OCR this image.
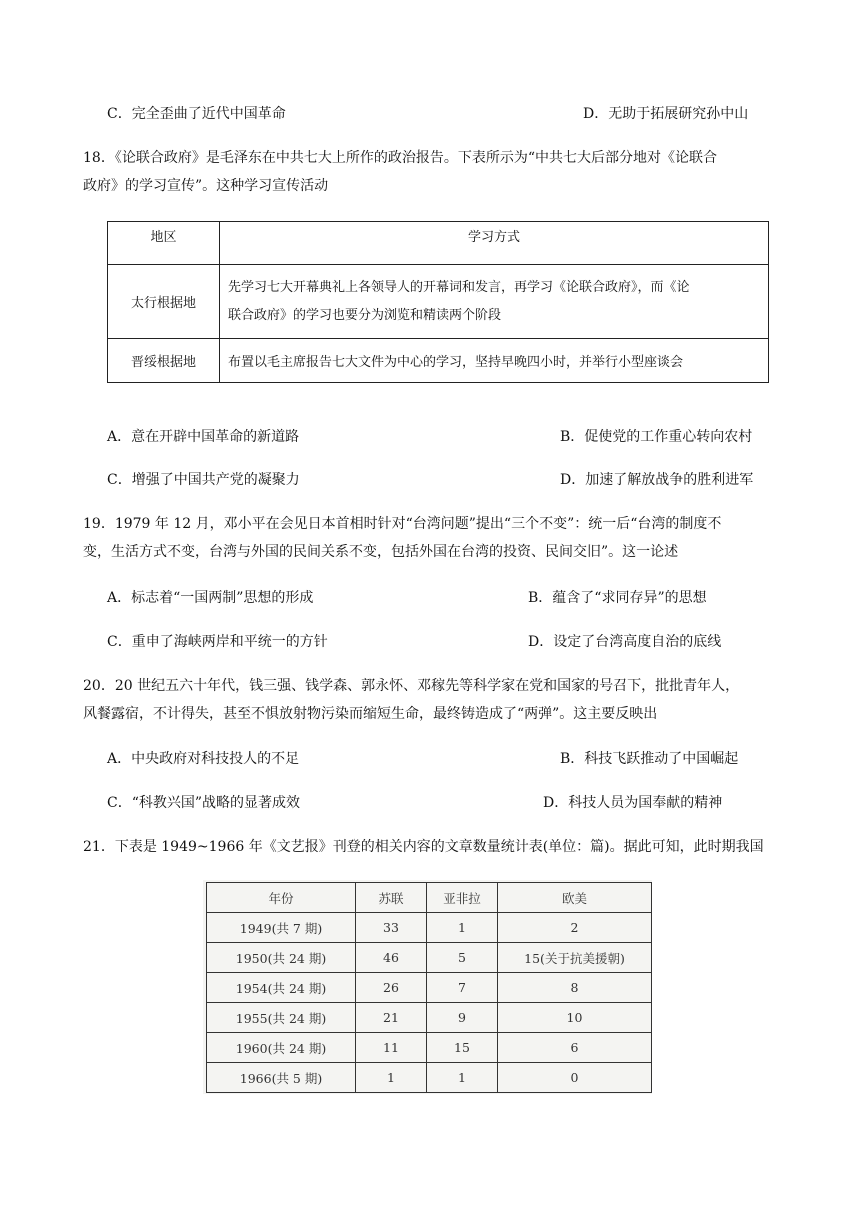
C．完全歪曲了近代中国革命	D．无助于拓展研究孙中山
18．《论联合政府》是毛泽东在中共七大上所作的政治报告。下表所示为“中共七大后部分地对《论联合
政府》的学习宣传”。这种学习宣传活动
地区	学习方式
太行根据地	先学习七大开幕典礼上各领导人的开幕词和发言，再学习《论联合政府》，而《论
联合政府》的学习也要分为浏览和精读两个阶段

晋绥根据地	布置以毛主席报告七大文件为中心的学习，坚持早晚四小时，并举行小型座谈会
A．意在开辟中国革命的新道路	B．促使党的工作重心转向农村
C．增强了中国共产党的凝聚力	D．加速了解放战争的胜利进军
19．1979 年 12 月，邓小平在会见日本首相时针对“台湾问题”提出“三个不变”：统一后“台湾的制度不
变，生活方式不变，台湾与外国的民间关系不变，包括外国在台湾的投资、民间交旧”。这一论述
A．标志着“一国两制”思想的形成	B．蕴含了“求同存异”的思想
C．重申了海峡两岸和平统一的方针	D．设定了台湾高度自治的底线
20．20 世纪五六十年代，钱三强、钱学森、郭永怀、邓稼先等科学家在党和国家的号召下，批批青年人，
风餐露宿，不计得失，甚至不惧放射物污染而缩短生命，最终铸造成了“两弹”。这主要反映出
A．中央政府对科技投人的不足	B．科技飞跃推动了中国崛起
C．“科教兴国”战略的显著成效	D．科技人员为国奉献的精神
21．下表是 1949~1966 年《文艺报》刊登的相关内容的文章数量统计表(单位：篇)。据此可知，此时期我国
年份	苏联	亚非拉	欧美
1949(共 7 期)	33	1	2
1950(共 24 期)	46	5	15(关于抗美援朝)
1954(共 24 期)	26	7	8
1955(共 24 期)	21	9	10
1960(共 24 期)	11	15	6
1966(共 5 期)	1	1	0
